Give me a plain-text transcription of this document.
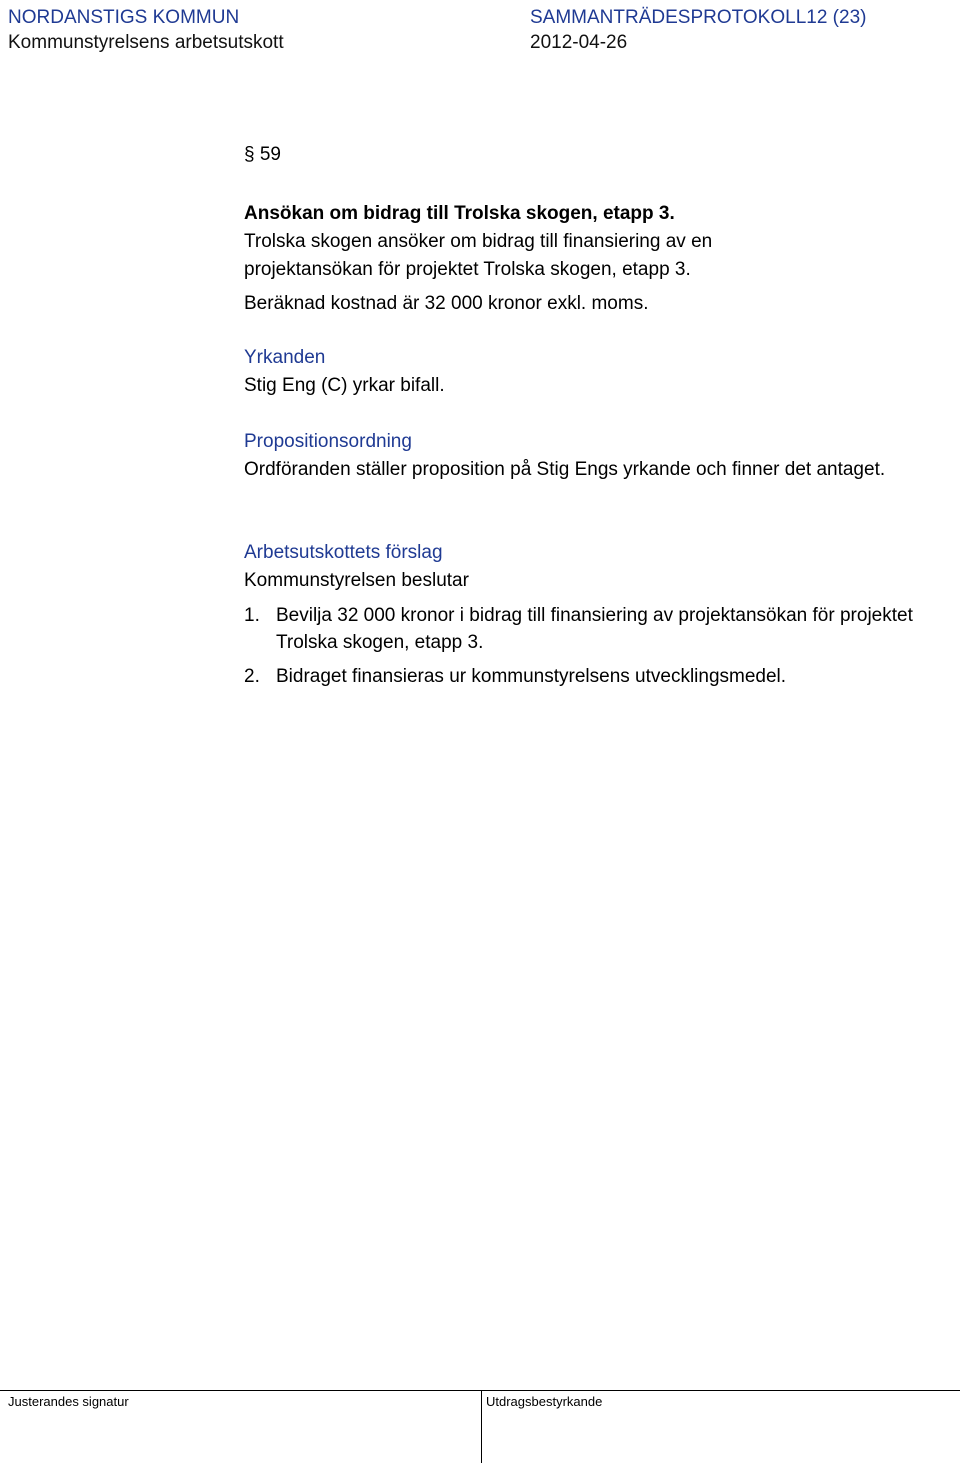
NORDANSTIGS KOMMUN	SAMMANTRÄDESPROTOKOLL12 (23)
Kommunstyrelsens arbetsutskott	2012-04-26
§ 59

Ansökan om bidrag till Trolska skogen, etapp 3.

Trolska skogen ansöker om bidrag till finansiering av en projektansökan för projektet Trolska skogen, etapp 3.

Beräknad kostnad är 32 000 kronor exkl. moms.

Yrkanden

Stig Eng (C) yrkar bifall.

Propositionsordning

Ordföranden ställer proposition på Stig Engs yrkande och finner det antaget.

Arbetsutskottets förslag

Kommunstyrelsen beslutar

1. Bevilja 32 000 kronor i bidrag till finansiering av projektansökan för projektet Trolska skogen, etapp 3.
2. Bidraget finansieras ur kommunstyrelsens utvecklingsmedel.
Justerandes signatur	Utdragsbestyrkande
